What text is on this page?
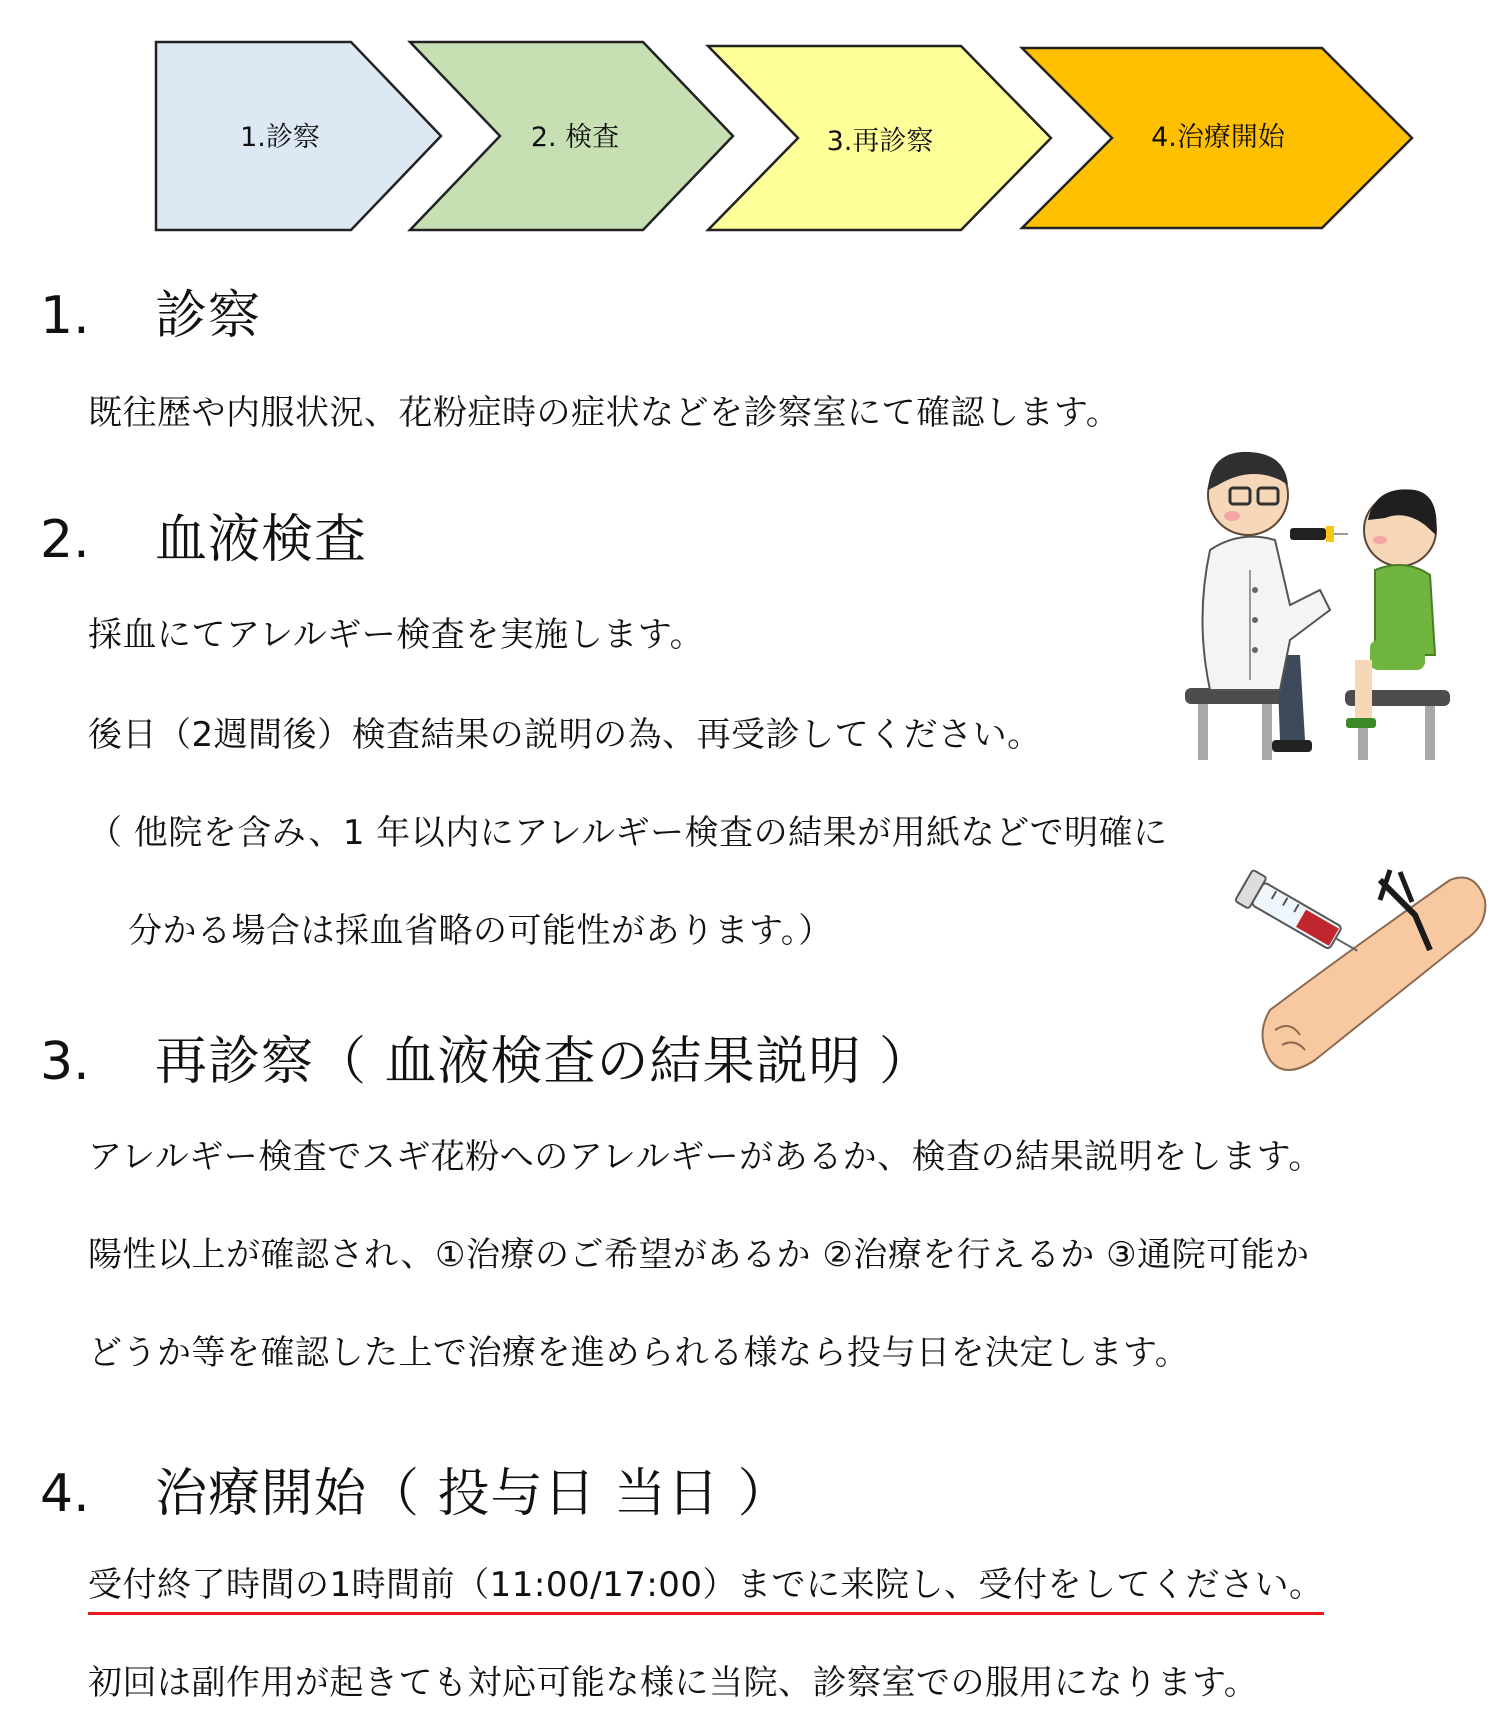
1.診察	2. 検査	3.再診察	4.治療開始
1. 診察

既往歴や内服状況、花粉症時の症状などを診察室にて確認します。

2. 血液検査

採血にてアレルギー検査を実施します。

後日（2週間後）検査結果の説明の為、再受診してください。

（ 他院を含み、1 年以内にアレルギー検査の結果が用紙などで明確に

分かる場合は採血省略の可能性があります。）

3. 再診察（ 血液検査の結果説明 ）

アレルギー検査でスギ花粉へのアレルギーがあるか、検査の結果説明をします。

陽性以上が確認され、①治療のご希望があるか ②治療を行えるか ③通院可能か

どうか等を確認した上で治療を進められる様なら投与日を決定します。

4. 治療開始（ 投与日 当日 ）

受付終了時間の1時間前（11:00/17:00）までに来院し、受付をしてください。

初回は副作用が起きても対応可能な様に当院、診察室での服用になります。
